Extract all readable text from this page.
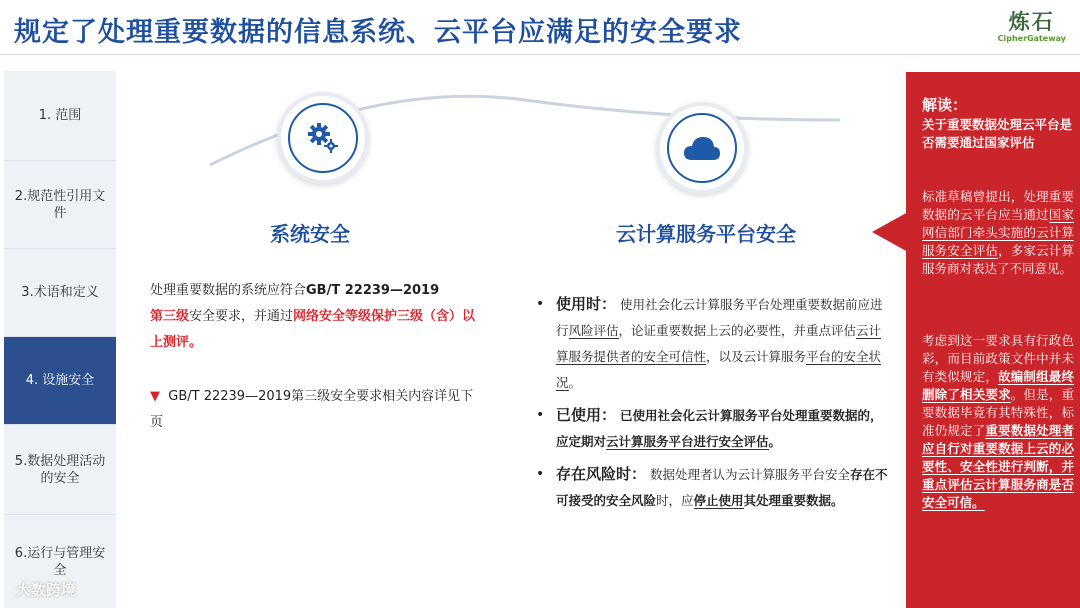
规定了处理重要数据的信息系统、云平台应满足的安全要求	炼石
CipherGateway
1. 范围
2.规范性引用文件
3.术语和定义
4. 设施安全
5.数据处理活动的安全
6.运行与管理安全
系统安全	云计算服务平台安全
处理重要数据的系统应符合GB/T 22239—2019
第三级安全要求，并通过网络安全等级保护三级（含）以上测评。
▼ GB/T 22239—2019第三级安全要求相关内容详见下页
• 使用时： 使用社会化云计算服务平台处理重要数据前应进行风险评估，论证重要数据上云的必要性，并重点评估云计算服务提供者的安全可信性，以及云计算服务平台的安全状况。
• 已使用： 已使用社会化云计算服务平台处理重要数据的，应定期对云计算服务平台进行安全评估。
• 存在风险时： 数据处理者认为云计算服务平台安全存在不可接受的安全风险时，应停止使用其处理重要数据。
解读：
关于重要数据处理云平台是否需要通过国家评估
标准草稿曾提出，处理重要数据的云平台应当通过国家网信部门牵头实施的云计算服务安全评估，多家云计算服务商对表达了不同意见。
考虑到这一要求具有行政色彩，而目前政策文件中并未有类似规定，故编制组最终删除了相关要求。但是，重要数据毕竟有其特殊性，标准仍规定了重要数据处理者应自行对重要数据上云的必要性、安全性进行判断，并重点评估云计算服务商是否安全可信。
大数跨境
